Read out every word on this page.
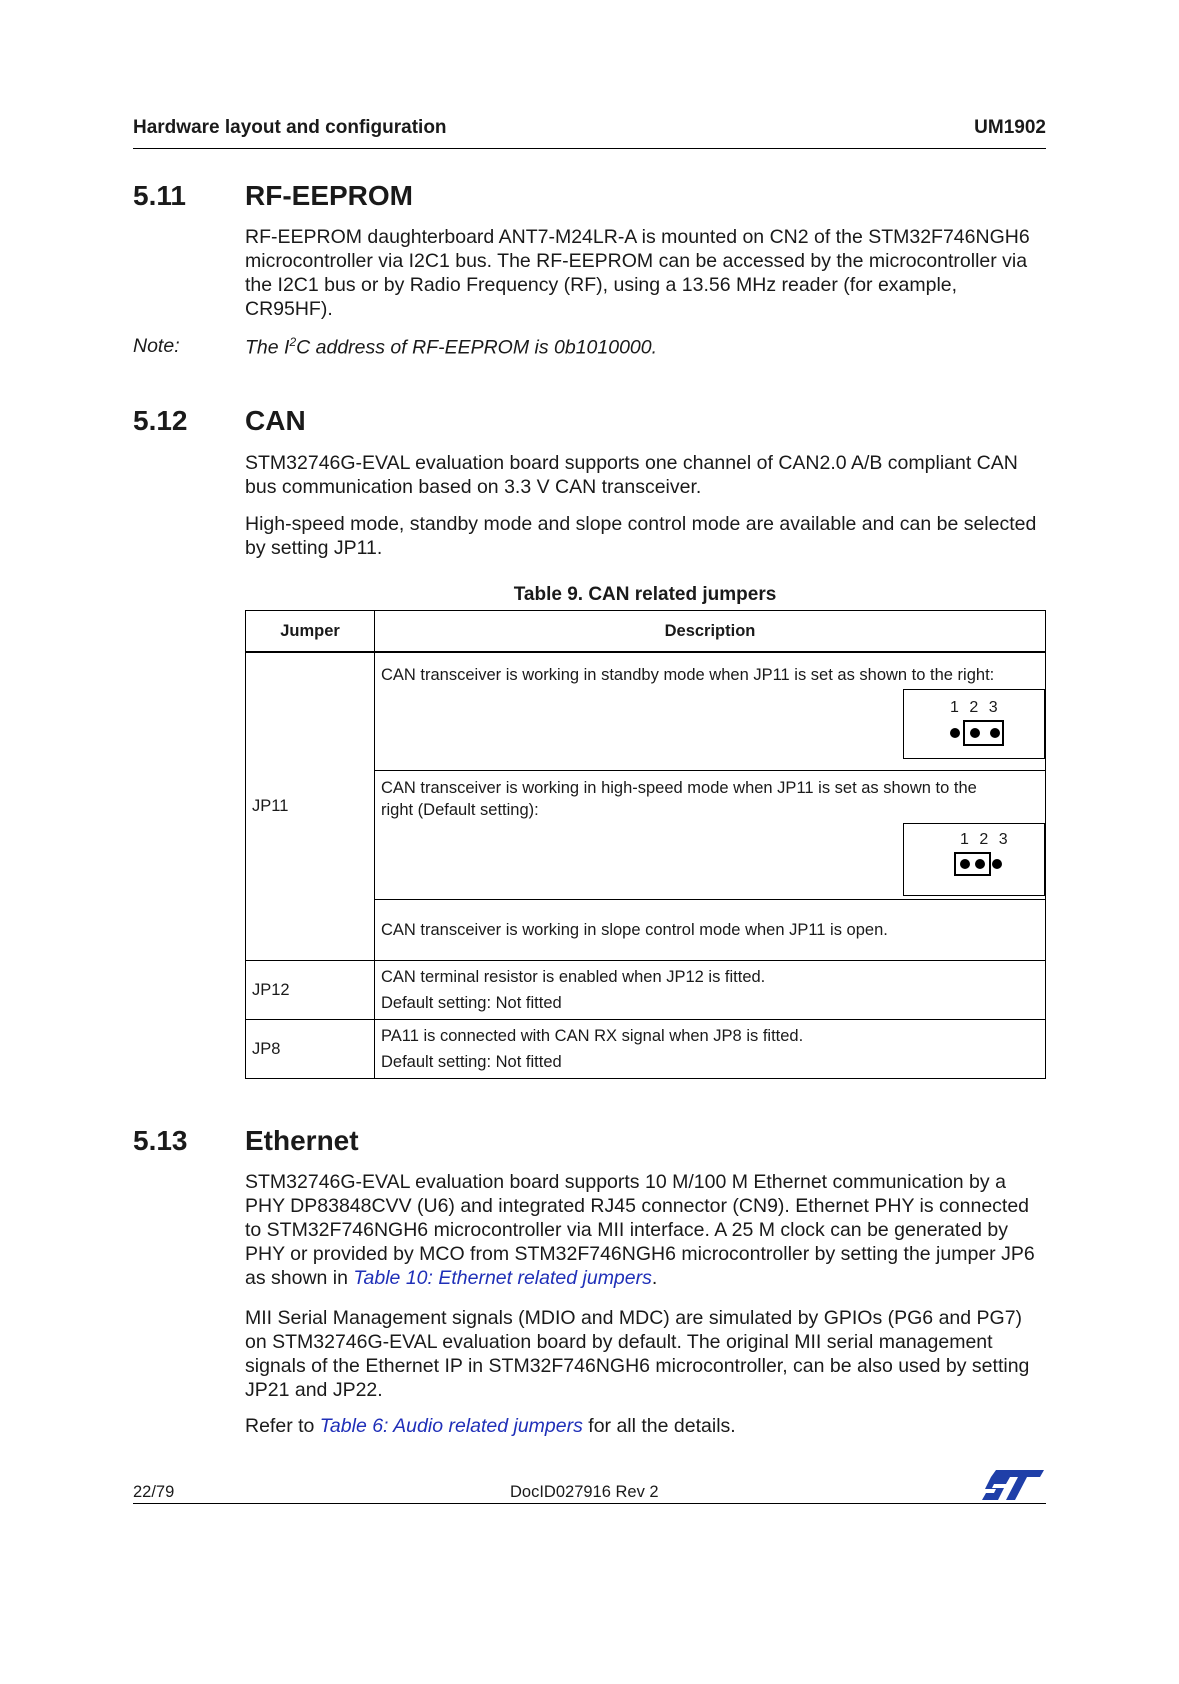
Hardware layout and configuration	UM1902
5.11 RF-EEPROM
RF-EEPROM daughterboard ANT7-M24LR-A is mounted on CN2 of the STM32F746NGH6
microcontroller via I2C1 bus. The RF-EEPROM can be accessed by the microcontroller via
the I2C1 bus or by Radio Frequency (RF), using a 13.56 MHz reader (for example,
CR95HF).
Note:	The $I^2C$ address of RF-EEPROM is 0b1010000.
5.12 CAN
STM32746G-EVAL evaluation board supports one channel of CAN2.0 A/B compliant CAN
bus communication based on 3.3 V CAN transceiver.
High-speed mode, standby mode and slope control mode are available and can be selected
by setting JP11.
Table 9. CAN related jumpers
Jumper	Description
JP11	CAN transceiver is working in standby mode when JP11 is set as shown to the right:
1 2 3

	CAN transceiver is working in high-speed mode when JP11 is set as shown to the
right (Default setting):
1 2 3

	CAN transceiver is working in slope control mode when JP11 is open.
JP12	CAN terminal resistor is enabled when JP12 is fitted.
Default setting: Not fitted

JP8	PA11 is connected with CAN RX signal when JP8 is fitted.
Default setting: Not fitted
5.13 Ethernet
STM32746G-EVAL evaluation board supports 10 M/100 M Ethernet communication by a
PHY DP83848CVV (U6) and integrated RJ45 connector (CN9). Ethernet PHY is connected
to STM32F746NGH6 microcontroller via MII interface. A 25 M clock can be generated by
PHY or provided by MCO from STM32F746NGH6 microcontroller by setting the jumper JP6
as shown in Table 10: Ethernet related jumpers.
MII Serial Management signals (MDIO and MDC) are simulated by GPIOs (PG6 and PG7)
on STM32746G-EVAL evaluation board by default. The original MII serial management
signals of the Ethernet IP in STM32F746NGH6 microcontroller, can be also used by setting
JP21 and JP22.
Refer to Table 6: Audio related jumpers for all the details.
22/79	DocID027916 Rev 2
